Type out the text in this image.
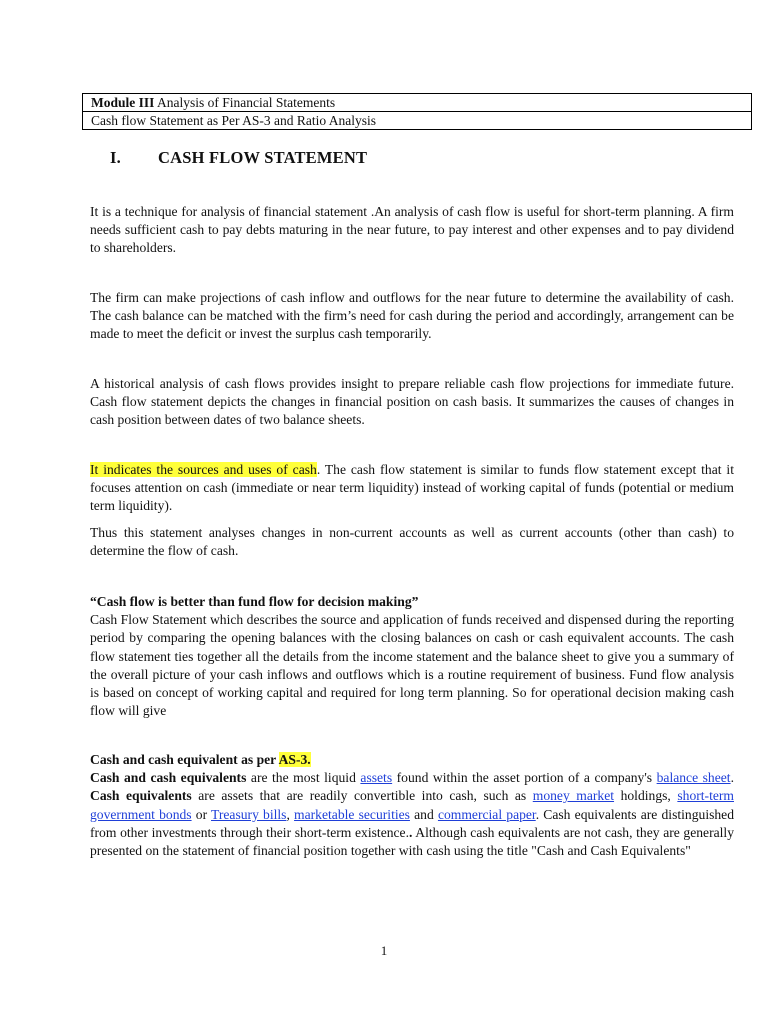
Module III Analysis of Financial Statements
Cash flow Statement as Per AS-3 and Ratio Analysis
I. CASH FLOW STATEMENT

It is a technique for analysis of financial statement .An analysis of cash flow is useful for short-term planning. A firm needs sufficient cash to pay debts maturing in the near future, to pay interest and other expenses and to pay dividend to shareholders.

The firm can make projections of cash inflow and outflows for the near future to determine the availability of cash. The cash balance can be matched with the firm’s need for cash during the period and accordingly, arrangement can be made to meet the deficit or invest the surplus cash temporarily.

A historical analysis of cash flows provides insight to prepare reliable cash flow projections for immediate future. Cash flow statement depicts the changes in financial position on cash basis. It summarizes the causes of changes in cash position between dates of two balance sheets.

It indicates the sources and uses of cash. The cash flow statement is similar to funds flow statement except that it focuses attention on cash (immediate or near term liquidity) instead of working capital of funds (potential or medium term liquidity).

Thus this statement analyses changes in non-current accounts as well as current accounts (other than cash) to determine the flow of cash.

“Cash flow is better than fund flow for decision making”

Cash Flow Statement which describes the source and application of funds received and dispensed during the reporting period by comparing the opening balances with the closing balances on cash or cash equivalent accounts. The cash flow statement ties together all the details from the income statement and the balance sheet to give you a summary of the overall picture of your cash inflows and outflows which is a routine requirement of business. Fund flow analysis is based on concept of working capital and required for long term planning. So for operational decision making cash flow will give

Cash and cash equivalent as per AS-3.

Cash and cash equivalents are the most liquid assets found within the asset portion of a company's balance sheet. Cash equivalents are assets that are readily convertible into cash, such as money market holdings, short-term government bonds or Treasury bills, marketable securities and commercial paper. Cash equivalents are distinguished from other investments through their short-term existence.. Although cash equivalents are not cash, they are generally presented on the statement of financial position together with cash using the title "Cash and Cash Equivalents"

1
